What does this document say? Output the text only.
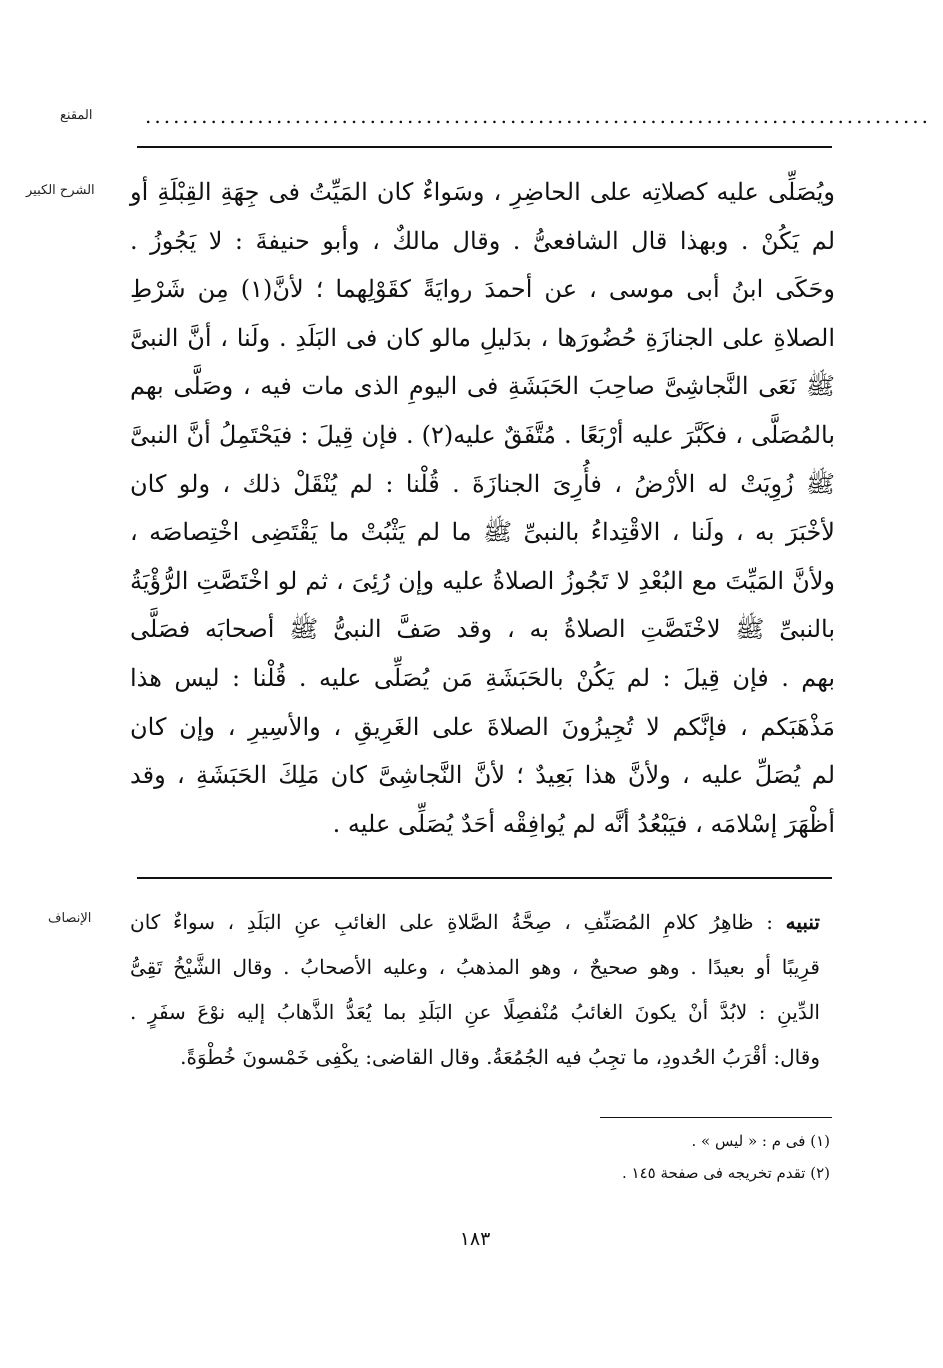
المقنع	....................................................................................
الشرح الكبير ويُصَلِّى عليه كصلاتِه على الحاضِرِ ، وسَواءٌ كان المَيِّتُ فى جِهَةِ القِبْلَةِ أو
لم يَكُنْ . وبهذا قال الشافعىُّ . وقال مالكٌ ، وأبو حنيفةَ : لا يَجُوزُ .
وحَكَى ابنُ أبى موسى ، عن أحمدَ روايَةً كقَوْلِهما ؛ لأنَّ(١) مِن شَرْطِ
الصلاةِ على الجنازَةِ حُضُورَها ، بدَليلِ مالو كان فى البَلَدِ . ولَنا ، أنَّ النبىَّ
ﷺ نَعَى النَّجاشِىَّ صاحِبَ الحَبَشَةِ فى اليومِ الذى مات فيه ، وصَلَّى بهم
بالمُصَلَّى ، فكَبَّرَ عليه أرْبَعًا . مُتَّفَقٌ عليه(٢) . فإن قِيلَ : فيَحْتَمِلُ أنَّ النبىَّ
ﷺ زُوِيَتْ له الأرْضُ ، فأُرِىَ الجنازَةَ . قُلْنا : لم يُنْقَلْ ذلك ، ولو كان
لأخْبَرَ به ، ولَنا ، الاقْتِداءُ بالنبىِّ ﷺ ما لم يَثْبُتْ ما يَقْتَضِى اخْتِصاصَه ،
ولأنَّ المَيِّتَ مع البُعْدِ لا تَجُوزُ الصلاةُ عليه وإن رُئِىَ ، ثم لو اخْتَصَّتِ الرُّؤْيَةُ
بالنبىِّ ﷺ لاخْتَصَّتِ الصلاةُ به ، وقد صَفَّ النبىُّ ﷺ أصحابَه فصَلَّى
بهم . فإن قِيلَ : لم يَكُنْ بالحَبَشَةِ مَن يُصَلِّى عليه . قُلْنا : ليس هذا
مَذْهَبَكم ، فإنَّكم لا تُجِيزُونَ الصلاةَ على الغَرِيقِ ، والأسِيرِ ، وإن كان
لم يُصَلِّ عليه ، ولأنَّ هذا بَعِيدٌ ؛ لأنَّ النَّجاشِىَّ كان مَلِكَ الحَبَشَةِ ، وقد
أظْهَرَ إسْلامَه ، فيَبْعُدُ أنَّه لم يُوافِقْه أحَدٌ يُصَلِّى عليه .
الإنصاف	تنبيه : ظاهِرُ كلامِ المُصَنِّفِ ، صِحَّةُ الصَّلاةِ على الغائبِ عنِ البَلَدِ ، سواءٌ كان
قرِيبًا أو بعيدًا . وهو صحيحٌ ، وهو المذهبُ ، وعليه الأصحابُ . وقال الشَّيْخُ تَقِىُّ
الدِّينِ : لابُدَّ أنْ يكونَ الغائبُ مُنْفصِلًا عنِ البَلَدِ بما يُعَدُّ الذَّهابُ إليه نوْعَ سفَرٍ .
وقال: أقْرَبُ الحُدودِ، ما تجِبُ فيه الجُمُعَةُ. وقال القاضى: يكْفِى خَمْسونَ خُطْوَةً.
(١) فى م : « ليس » .
(٢) تقدم تخريجه فى صفحة ١٤٥ .
١٨٣
